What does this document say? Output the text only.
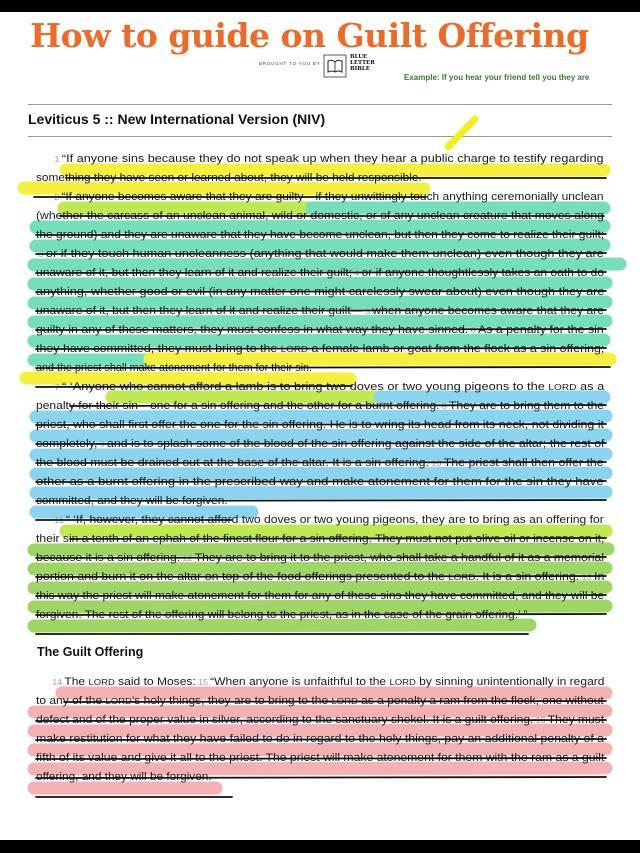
How to guide on Guilt Offering
BROUGHT TO YOU BY
BLUE
LETTER
BIBLE
Example: If you hear your friend tell you they are
Leviticus 5 :: New International Version (NIV)
1 “If anyone sins because they do not speak up when they hear a public charge to testify regarding
something they have seen or learned about, they will be held responsible.
2 “If anyone becomes aware that they are guilty—if they unwittingly touch anything ceremonially unclean
(whether the carcass of an unclean animal, wild or domestic, or of any unclean creature that moves along
the ground) and they are unaware that they have become unclean, but then they come to realize their guilt;
3 or if they touch human uncleanness (anything that would make them unclean) even though they are
unaware of it, but then they learn of it and realize their guilt; 4 or if anyone thoughtlessly takes an oath to do
anything, whether good or evil (in any matter one might carelessly swear about) even though they are
unaware of it, but then they learn of it and realize their guilt— 5 when anyone becomes aware that they are
guilty in any of these matters, they must confess in what way they have sinned. 6 As a penalty for the sin
they have committed, they must bring to the LORD a female lamb or goat from the flock as a sin offering;
and the priest shall make atonement for them for their sin.
7 “ ‘Anyone who cannot afford a lamb is to bring two doves or two young pigeons to the LORD as a
penalty for their sin—one for a sin offering and the other for a burnt offering. 8 They are to bring them to the
priest, who shall first offer the one for the sin offering. He is to wring its head from its neck, not dividing it
completely, 9 and is to splash some of the blood of the sin offering against the side of the altar; the rest of
the blood must be drained out at the base of the altar. It is a sin offering. 10 The priest shall then offer the
other as a burnt offering in the prescribed way and make atonement for them for the sin they have
committed, and they will be forgiven.
11 “ ‘If, however, they cannot afford two doves or two young pigeons, they are to bring as an offering for
their sin a tenth of an ephah of the finest flour for a sin offering. They must not put olive oil or incense on it,
because it is a sin offering. 12 They are to bring it to the priest, who shall take a handful of it as a memorial
portion and burn it on the altar on top of the food offerings presented to the LORD. It is a sin offering. 13 In
this way the priest will make atonement for them for any of these sins they have committed, and they will be
forgiven. The rest of the offering will belong to the priest, as in the case of the grain offering.’ ”
14 The LORD said to Moses: 15 “When anyone is unfaithful to the LORD by sinning unintentionally in regard
to any of the LORD’s holy things, they are to bring to the LORD as a penalty a ram from the flock, one without
defect and of the proper value in silver, according to the sanctuary shekel. It is a guilt offering. 16 They must
make restitution for what they have failed to do in regard to the holy things, pay an additional penalty of a
fifth of its value and give it all to the priest. The priest will make atonement for them with the ram as a guilt
offering, and they will be forgiven.
The Guilt Offering
